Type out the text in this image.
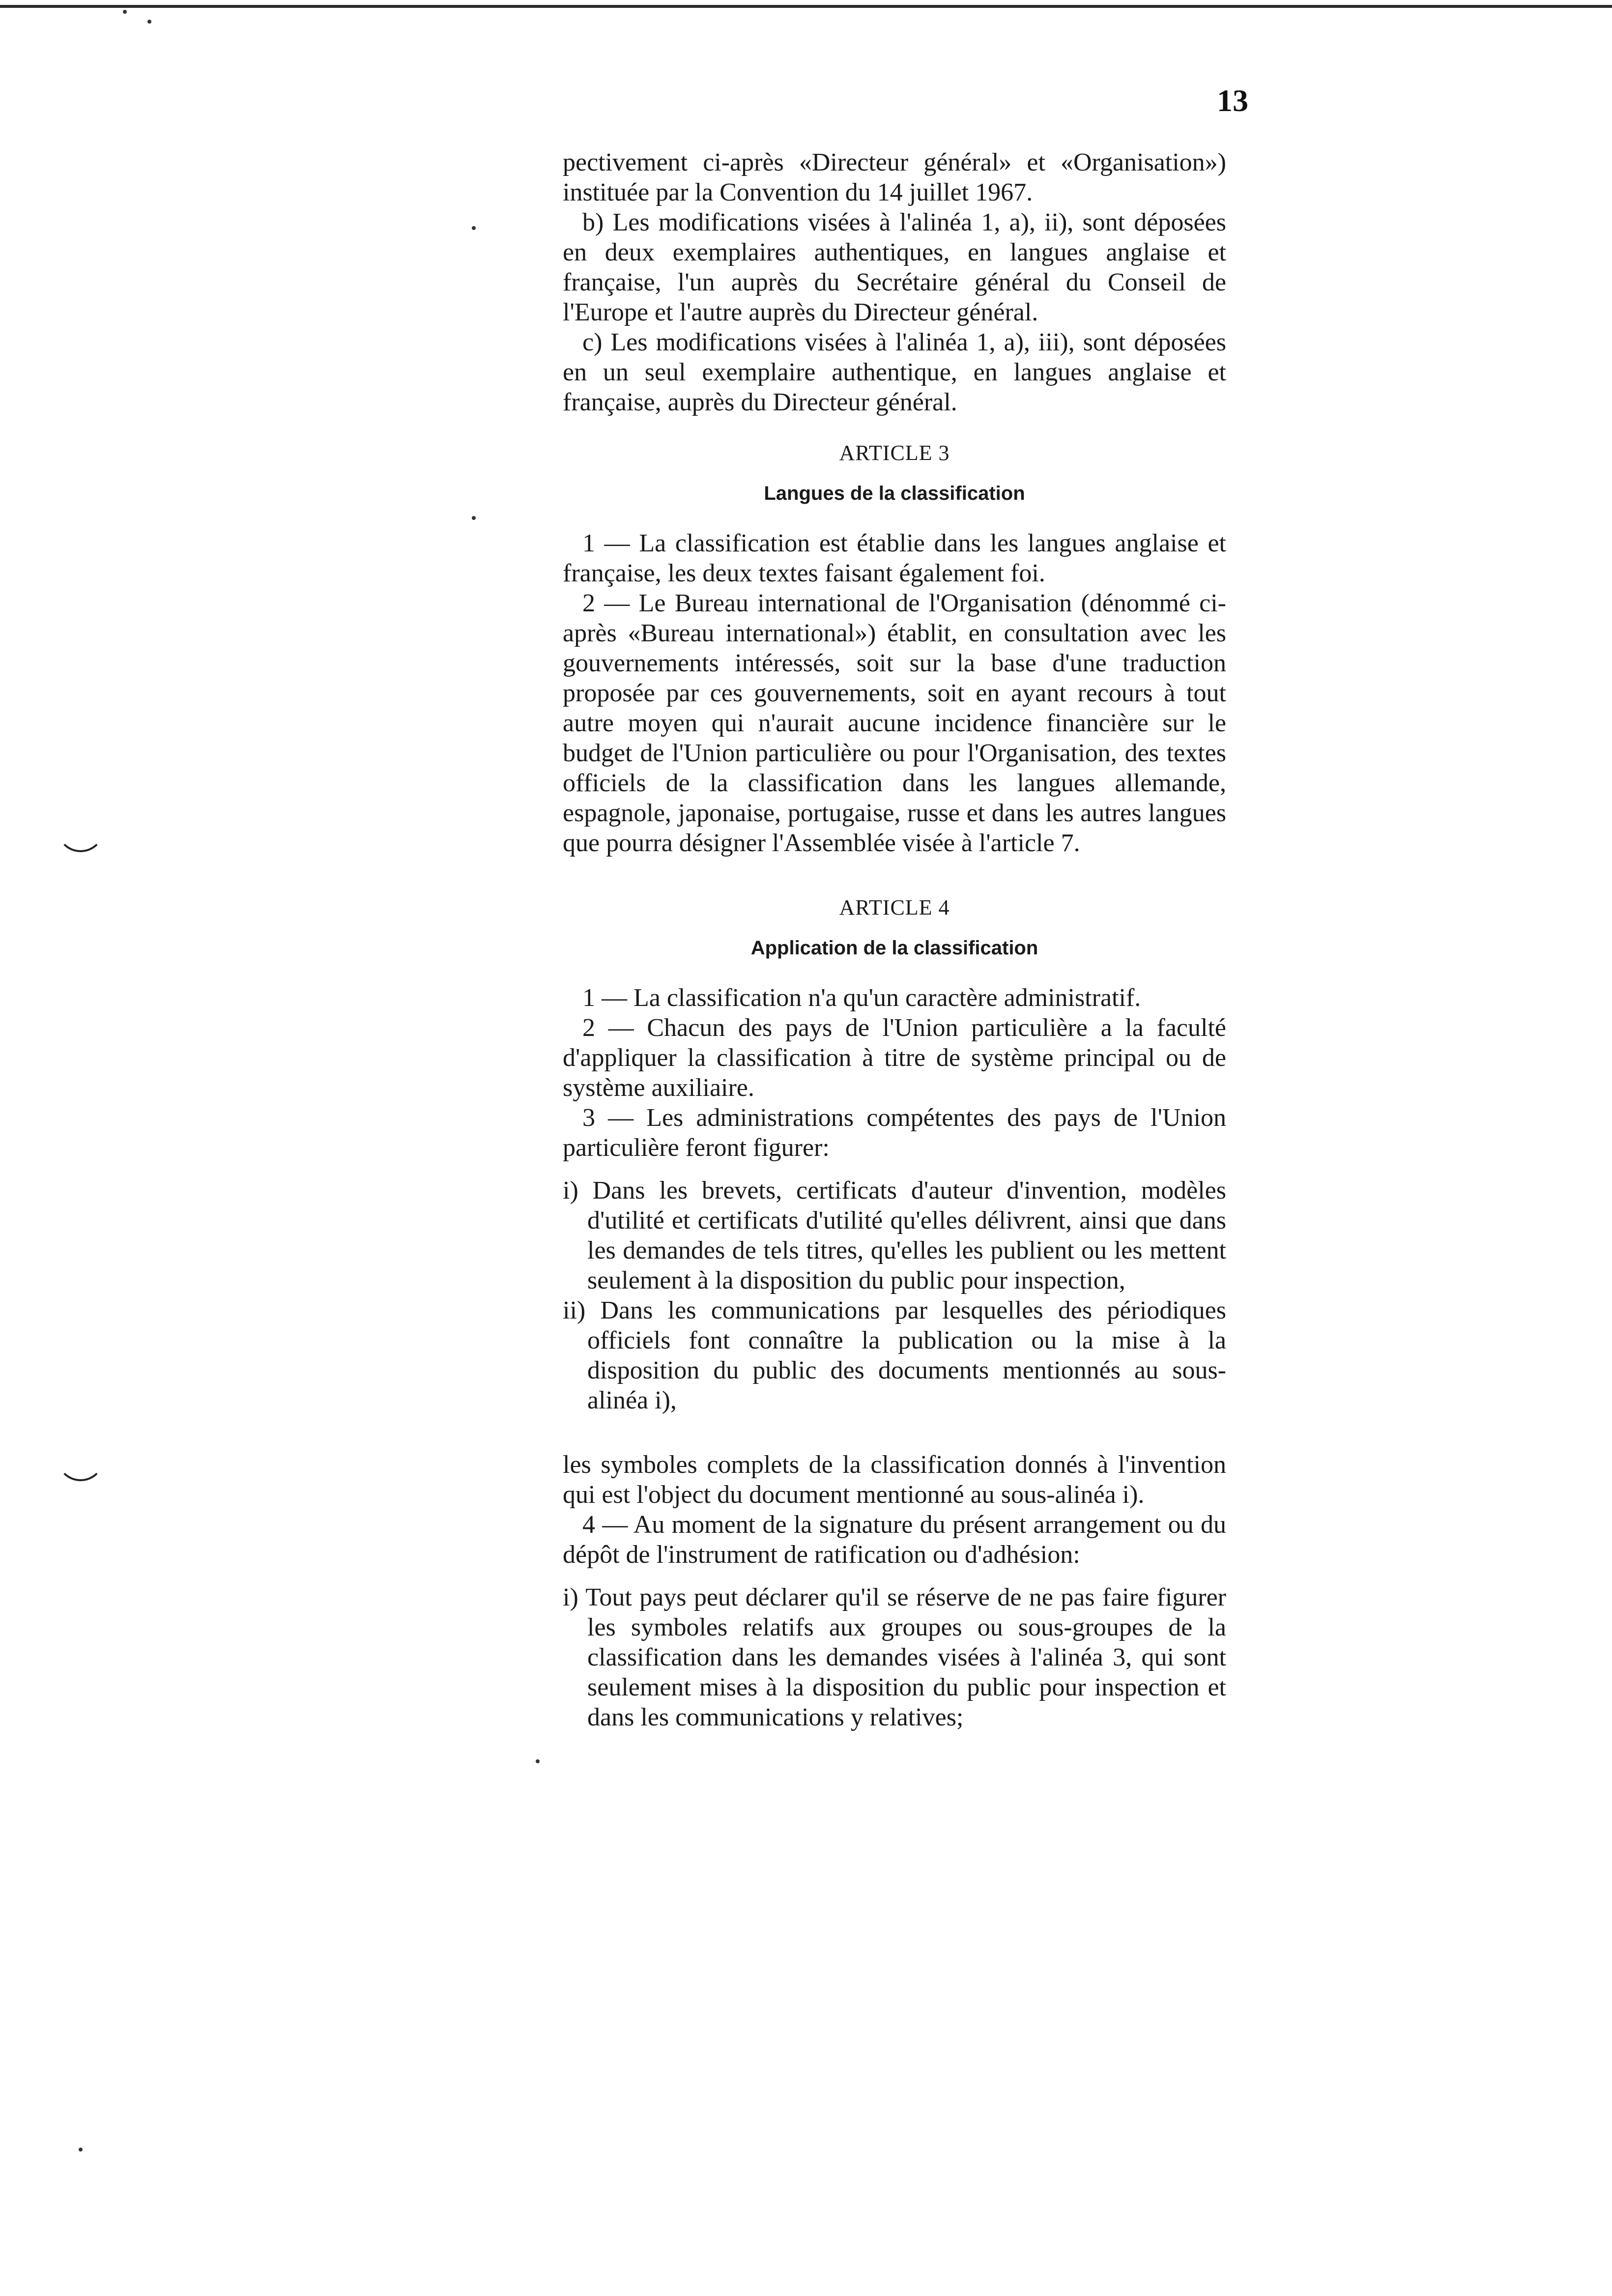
13

pectivement ci-après «Directeur général» et «Organisation») instituée par la Convention du 14 juillet 1967.

b) Les modifications visées à l'alinéa 1, a), ii), sont déposées en deux exemplaires authentiques, en langues anglaise et française, l'un auprès du Secrétaire général du Conseil de l'Europe et l'autre auprès du Directeur général.

c) Les modifications visées à l'alinéa 1, a), iii), sont déposées en un seul exemplaire authentique, en langues anglaise et française, auprès du Directeur général.

ARTICLE 3
Langues de la classification

1 — La classification est établie dans les langues anglaise et française, les deux textes faisant également foi.

2 — Le Bureau international de l'Organisation (dénommé ci-après «Bureau international») établit, en consultation avec les gouvernements intéressés, soit sur la base d'une traduction proposée par ces gouvernements, soit en ayant recours à tout autre moyen qui n'aurait aucune incidence financière sur le budget de l'Union particulière ou pour l'Organisation, des textes officiels de la classification dans les langues allemande, espagnole, japonaise, portugaise, russe et dans les autres langues que pourra désigner l'Assemblée visée à l'article 7.

ARTICLE 4
Application de la classification

1 — La classification n'a qu'un caractère administratif.

2 — Chacun des pays de l'Union particulière a la faculté d'appliquer la classification à titre de système principal ou de système auxiliaire.

3 — Les administrations compétentes des pays de l'Union particulière feront figurer:

i) Dans les brevets, certificats d'auteur d'invention, modèles d'utilité et certificats d'utilité qu'elles délivrent, ainsi que dans les demandes de tels titres, qu'elles les publient ou les mettent seulement à la disposition du public pour inspection,

ii) Dans les communications par lesquelles des périodiques officiels font connaître la publication ou la mise à la disposition du public des documents mentionnés au sous-alinéa i),

les symboles complets de la classification donnés à l'invention qui est l'object du document mentionné au sous-alinéa i).

4 — Au moment de la signature du présent arrangement ou du dépôt de l'instrument de ratification ou d'adhésion:

i) Tout pays peut déclarer qu'il se réserve de ne pas faire figurer les symboles relatifs aux groupes ou sous-groupes de la classification dans les demandes visées à l'alinéa 3, qui sont seulement mises à la disposition du public pour inspection et dans les communications y relatives;
